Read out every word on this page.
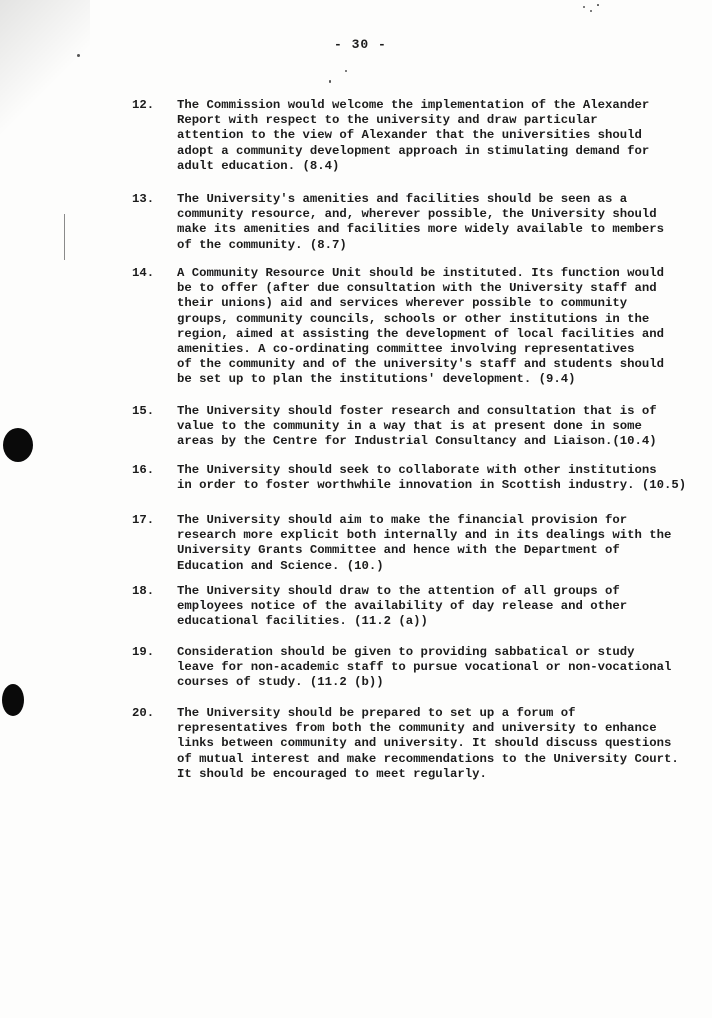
- 30 -
12.	The Commission would welcome the implementation of the Alexander
Report with respect to the university and draw particular
attention to the view of Alexander that the universities should
adopt a community development approach in stimulating demand for
adult education. (8.4)
13.	The University's amenities and facilities should be seen as a
community resource, and, wherever possible, the University should
make its amenities and facilities more widely available to members
of the community. (8.7)
14.	A Community Resource Unit should be instituted. Its function would
be to offer (after due consultation with the University staff and
their unions) aid and services wherever possible to community
groups, community councils, schools or other institutions in the
region, aimed at assisting the development of local facilities and
amenities. A co-ordinating committee involving representatives
of the community and of the university's staff and students should
be set up to plan the institutions' development. (9.4)
15.	The University should foster research and consultation that is of
value to the community in a way that is at present done in some
areas by the Centre for Industrial Consultancy and Liaison.(10.4)
16.	The University should seek to collaborate with other institutions
in order to foster worthwhile innovation in Scottish industry. (10.5)
17.	The University should aim to make the financial provision for
research more explicit both internally and in its dealings with the
University Grants Committee and hence with the Department of
Education and Science. (10.)
18.	The University should draw to the attention of all groups of
employees notice of the availability of day release and other
educational facilities. (11.2 (a))
19.	Consideration should be given to providing sabbatical or study
leave for non-academic staff to pursue vocational or non-vocational
courses of study. (11.2 (b))
20.	The University should be prepared to set up a forum of
representatives from both the community and university to enhance
links between community and university. It should discuss questions
of mutual interest and make recommendations to the University Court.
It should be encouraged to meet regularly.
